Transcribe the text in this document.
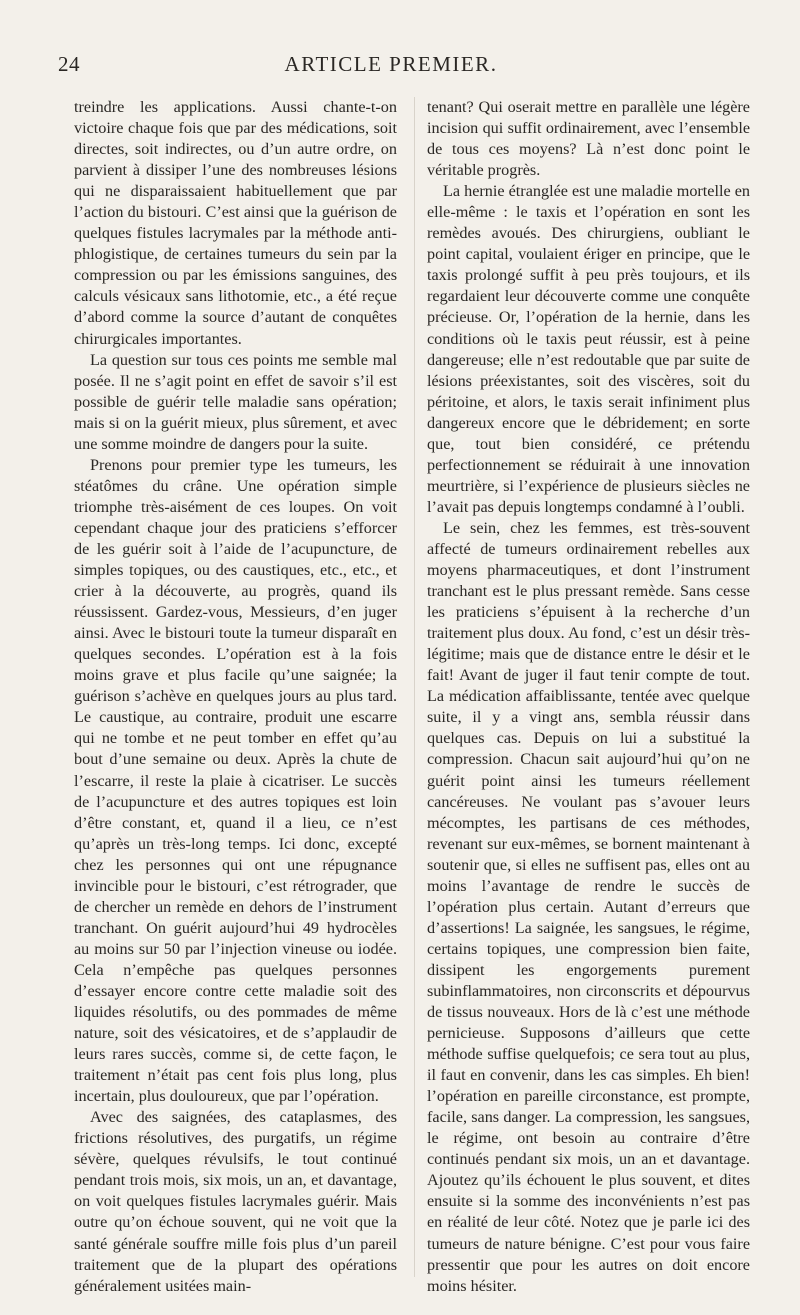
24	ARTICLE PREMIER.

treindre les applications. Aussi chante-t-on victoire chaque fois que par des médications, soit directes, soit indirectes, ou d’un autre ordre, on parvient à dissiper l’une des nombreuses lésions qui ne disparaissaient habituellement que par l’action du bistouri. C’est ainsi que la guérison de quelques fistules lacrymales par la méthode anti-phlogistique, de certaines tumeurs du sein par la compression ou par les émissions sanguines, des calculs vésicaux sans lithotomie, etc., a été reçue d’abord comme la source d’autant de conquêtes chirurgicales importantes.

La question sur tous ces points me semble mal posée. Il ne s’agit point en effet de savoir s’il est possible de guérir telle maladie sans opération; mais si on la guérit mieux, plus sûrement, et avec une somme moindre de dangers pour la suite.

Prenons pour premier type les tumeurs, les stéatômes du crâne. Une opération simple triomphe très-aisément de ces loupes. On voit cependant chaque jour des praticiens s’efforcer de les guérir soit à l’aide de l’acupuncture, de simples topiques, ou des caustiques, etc., etc., et crier à la découverte, au progrès, quand ils réussissent. Gardez-vous, Messieurs, d’en juger ainsi. Avec le bistouri toute la tumeur disparaît en quelques secondes. L’opération est à la fois moins grave et plus facile qu’une saignée; la guérison s’achève en quelques jours au plus tard. Le caustique, au contraire, produit une escarre qui ne tombe et ne peut tomber en effet qu’au bout d’une semaine ou deux. Après la chute de l’escarre, il reste la plaie à cicatriser. Le succès de l’acupuncture et des autres topiques est loin d’être constant, et, quand il a lieu, ce n’est qu’après un très-long temps. Ici donc, excepté chez les personnes qui ont une répugnance invincible pour le bistouri, c’est rétrograder, que de chercher un remède en dehors de l’instrument tranchant. On guérit aujourd’hui 49 hydrocèles au moins sur 50 par l’injection vineuse ou iodée. Cela n’empêche pas quelques personnes d’essayer encore contre cette maladie soit des liquides résolutifs, ou des pommades de même nature, soit des vésicatoires, et de s’applaudir de leurs rares succès, comme si, de cette façon, le traitement n’était pas cent fois plus long, plus incertain, plus douloureux, que par l’opération.

Avec des saignées, des cataplasmes, des frictions résolutives, des purgatifs, un régime sévère, quelques révulsifs, le tout continué pendant trois mois, six mois, un an, et davantage, on voit quelques fistules lacrymales guérir. Mais outre qu’on échoue souvent, qui ne voit que la santé générale souffre mille fois plus d’un pareil traitement que de la plupart des opérations généralement usitées main-

tenant? Qui oserait mettre en parallèle une légère incision qui suffit ordinairement, avec l’ensemble de tous ces moyens? Là n’est donc point le véritable progrès.

La hernie étranglée est une maladie mortelle en elle-même : le taxis et l’opération en sont les remèdes avoués. Des chirurgiens, oubliant le point capital, voulaient ériger en principe, que le taxis prolongé suffit à peu près toujours, et ils regardaient leur découverte comme une conquête précieuse. Or, l’opération de la hernie, dans les conditions où le taxis peut réussir, est à peine dangereuse; elle n’est redoutable que par suite de lésions préexistantes, soit des viscères, soit du péritoine, et alors, le taxis serait infiniment plus dangereux encore que le débridement; en sorte que, tout bien considéré, ce prétendu perfectionnement se réduirait à une innovation meurtrière, si l’expérience de plusieurs siècles ne l’avait pas depuis longtemps condamné à l’oubli.

Le sein, chez les femmes, est très-souvent affecté de tumeurs ordinairement rebelles aux moyens pharmaceutiques, et dont l’instrument tranchant est le plus pressant remède. Sans cesse les praticiens s’épuisent à la recherche d’un traitement plus doux. Au fond, c’est un désir très-légitime; mais que de distance entre le désir et le fait! Avant de juger il faut tenir compte de tout. La médication affaiblissante, tentée avec quelque suite, il y a vingt ans, sembla réussir dans quelques cas. Depuis on lui a substitué la compression. Chacun sait aujourd’hui qu’on ne guérit point ainsi les tumeurs réellement cancéreuses. Ne voulant pas s’avouer leurs mécomptes, les partisans de ces méthodes, revenant sur eux-mêmes, se bornent maintenant à soutenir que, si elles ne suffisent pas, elles ont au moins l’avantage de rendre le succès de l’opération plus certain. Autant d’erreurs que d’assertions! La saignée, les sangsues, le régime, certains topiques, une compression bien faite, dissipent les engorgements purement subinflammatoires, non circonscrits et dépourvus de tissus nouveaux. Hors de là c’est une méthode pernicieuse. Supposons d’ailleurs que cette méthode suffise quelquefois; ce sera tout au plus, il faut en convenir, dans les cas simples. Eh bien! l’opération en pareille circonstance, est prompte, facile, sans danger. La compression, les sangsues, le régime, ont besoin au contraire d’être continués pendant six mois, un an et davantage. Ajoutez qu’ils échouent le plus souvent, et dites ensuite si la somme des inconvénients n’est pas en réalité de leur côté. Notez que je parle ici des tumeurs de nature bénigne. C’est pour vous faire pressentir que pour les autres on doit encore moins hésiter.
